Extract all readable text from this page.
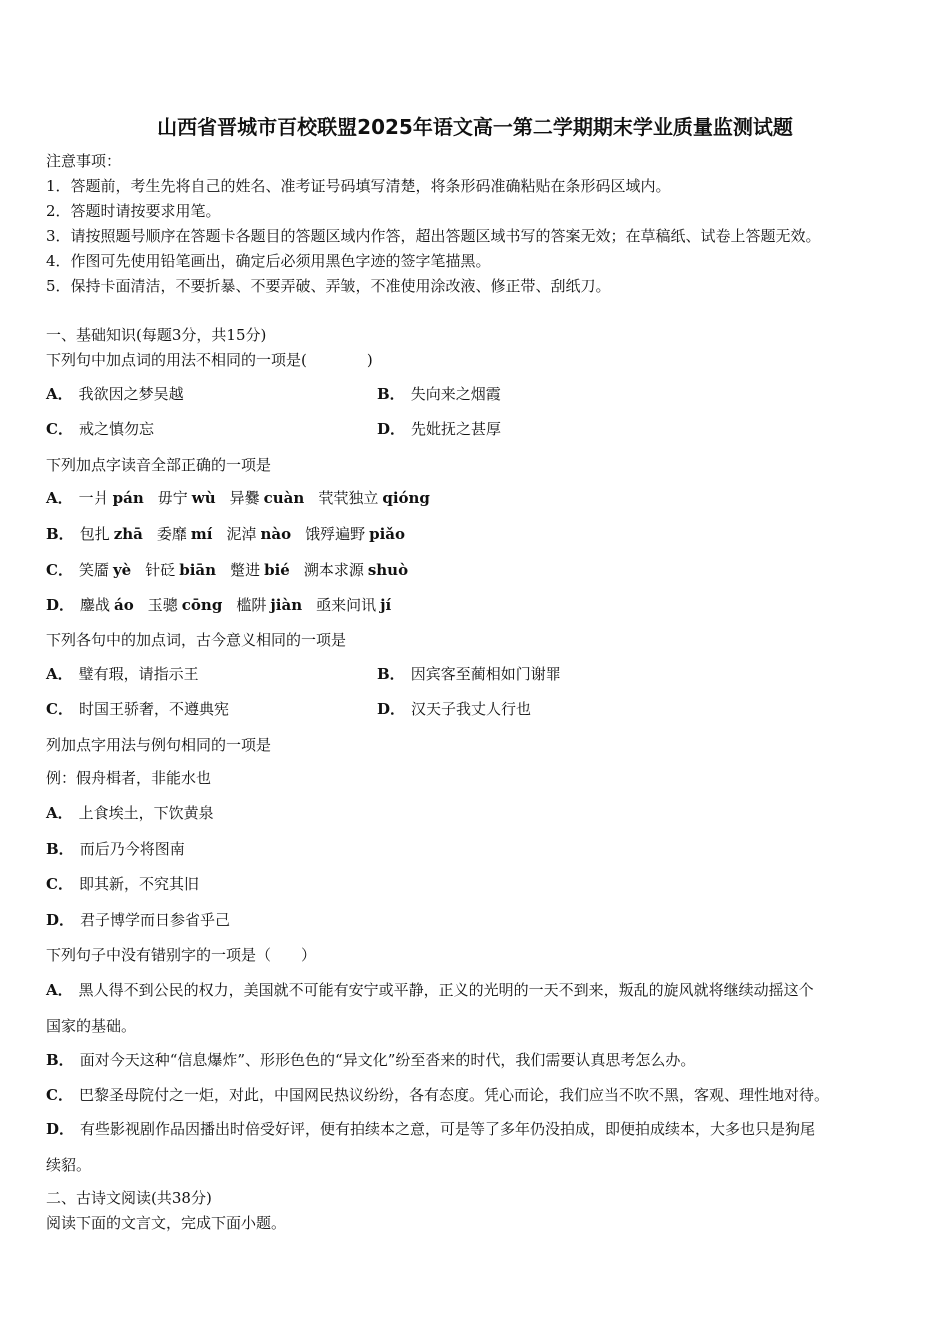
山西省晋城市百校联盟2025年语文高一第二学期期末学业质量监测试题
注意事项：
1．答题前，考生先将自己的姓名、准考证号码填写清楚，将条形码准确粘贴在条形码区域内。
2．答题时请按要求用笔。
3．请按照题号顺序在答题卡各题目的答题区域内作答，超出答题区域书写的答案无效；在草稿纸、试卷上答题无效。
4．作图可先使用铅笔画出，确定后必须用黑色字迹的签字笔描黑。
5．保持卡面清洁，不要折暴、不要弄破、弄皱，不准使用涂改液、修正带、刮纸刀。
一、基础知识(每题3分，共15分)
下列句中加点词的用法不相同的一项是(　　　　)
A． 我欲因之梦吴越	B． 失向来之烟霞
C． 戒之慎勿忘	D． 先妣抚之甚厚
下列加点字读音全部正确的一项是
A． 一爿 pán 毋宁 wù 异爨 cuàn 茕茕独立 qióng
B． 包扎 zhā 委靡 mí 泥淖 nào 饿殍遍野 piǎo
C． 笑靥 yè 针砭 biān 蹩进 bié 溯本求源 shuò
D． 鏖战 áo 玉骢 cōng 槛阱 jiàn 亟来问讯 jí
下列各句中的加点词，古今意义相同的一项是
A． 璧有瑕，请指示王	B． 因宾客至蔺相如门谢罪
C． 时国王骄奢，不遵典宪	D． 汉天子我丈人行也
列加点字用法与例句相同的一项是
例：假舟楫者，非能水也
A． 上食埃土，下饮黄泉
B． 而后乃今将图南
C． 即其新，不究其旧
D． 君子博学而日参省乎己
下列句子中没有错别字的一项是（　　）
A． 黑人得不到公民的权力，美国就不可能有安宁或平静，正义的光明的一天不到来，叛乱的旋风就将继续动摇这个
国家的基础。
B． 面对今天这种“信息爆炸”、形形色色的“异文化”纷至沓来的时代，我们需要认真思考怎么办。
C． 巴黎圣母院付之一炬，对此，中国网民热议纷纷，各有态度。凭心而论，我们应当不吹不黑，客观、理性地对待。
D． 有些影视剧作品因播出时倍受好评，便有拍续本之意，可是等了多年仍没拍成，即便拍成续本，大多也只是狗尾
续貂。
二、古诗文阅读(共38分)
阅读下面的文言文，完成下面小题。
